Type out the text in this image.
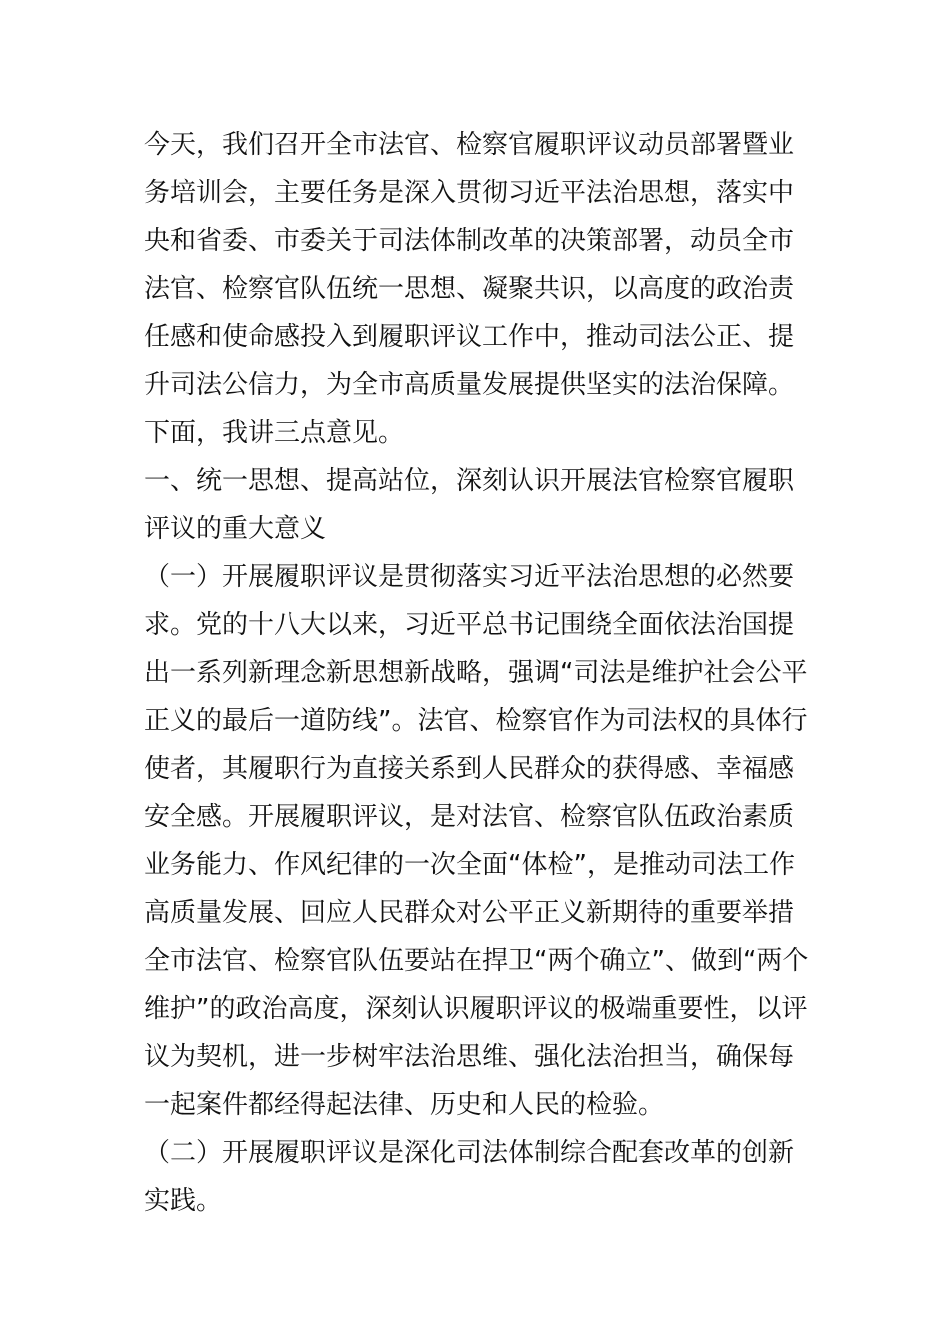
今天，我们召开全市法官、检察官履职评议动员部署暨业
务培训会，主要任务是深入贯彻习近平法治思想，落实中
央和省委、市委关于司法体制改革的决策部署，动员全市
法官、检察官队伍统一思想、凝聚共识，以高度的政治责
任感和使命感投入到履职评议工作中，推动司法公正、提
升司法公信力，为全市高质量发展提供坚实的法治保障。
下面，我讲三点意见。
一、统一思想、提高站位，深刻认识开展法官检察官履职
评议的重大意义
（一）开展履职评议是贯彻落实习近平法治思想的必然要
求。党的十八大以来，习近平总书记围绕全面依法治国提
出一系列新理念新思想新战略，强调“司法是维护社会公平
正义的最后一道防线”。法官、检察官作为司法权的具体行
使者，其履职行为直接关系到人民群众的获得感、幸福感
安全感。开展履职评议，是对法官、检察官队伍政治素质
业务能力、作风纪律的一次全面“体检”，是推动司法工作
高质量发展、回应人民群众对公平正义新期待的重要举措
全市法官、检察官队伍要站在捍卫“两个确立”、做到“两个
维护”的政治高度，深刻认识履职评议的极端重要性，以评
议为契机，进一步树牢法治思维、强化法治担当，确保每
一起案件都经得起法律、历史和人民的检验。
（二）开展履职评议是深化司法体制综合配套改革的创新
实践。
